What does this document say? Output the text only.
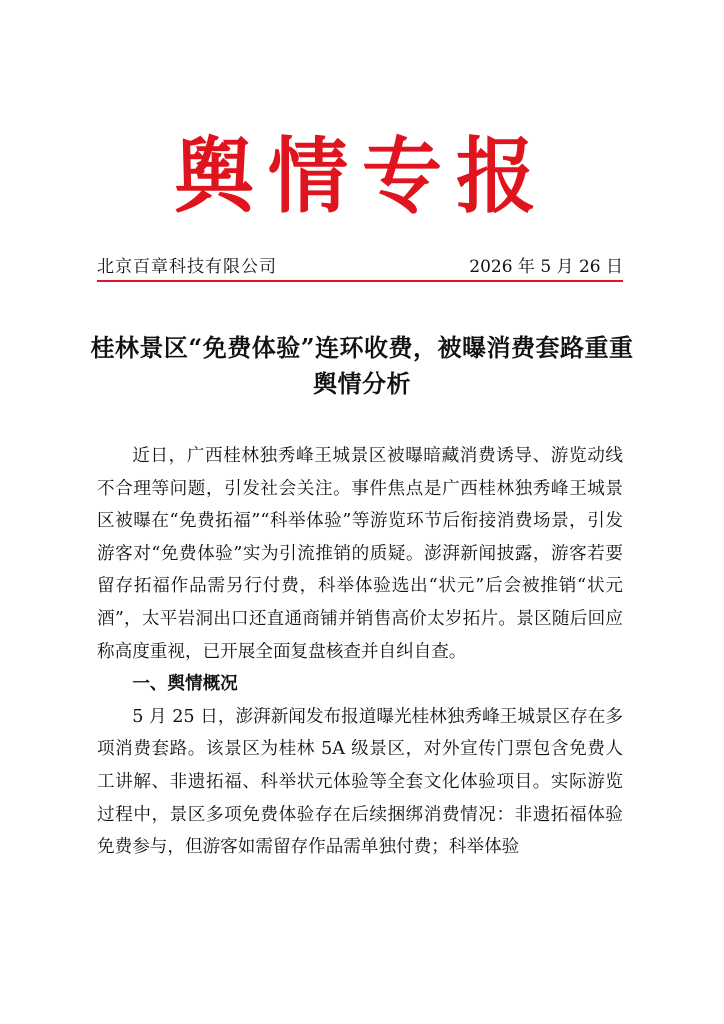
舆情专报
北京百章科技有限公司	2026 年 5 月 26 日
桂林景区“免费体验”连环收费，被曝消费套路重重舆情分析

近日，广西桂林独秀峰王城景区被曝暗藏消费诱导、游览动线不合理等问题，引发社会关注。事件焦点是广西桂林独秀峰王城景区被曝在“免费拓福”“科举体验”等游览环节后衔接消费场景，引发游客对“免费体验”实为引流推销的质疑。澎湃新闻披露，游客若要留存拓福作品需另行付费，科举体验选出“状元”后会被推销“状元酒”，太平岩洞出口还直通商铺并销售高价太岁拓片。景区随后回应称高度重视，已开展全面复盘核查并自纠自查。

一、舆情概况

5 月 25 日，澎湃新闻发布报道曝光桂林独秀峰王城景区存在多项消费套路。该景区为桂林 5A 级景区，对外宣传门票包含免费人工讲解、非遗拓福、科举状元体验等全套文化体验项目。实际游览过程中，景区多项免费体验存在后续捆绑消费情况：非遗拓福体验免费参与，但游客如需留存作品需单独付费；科举体验
